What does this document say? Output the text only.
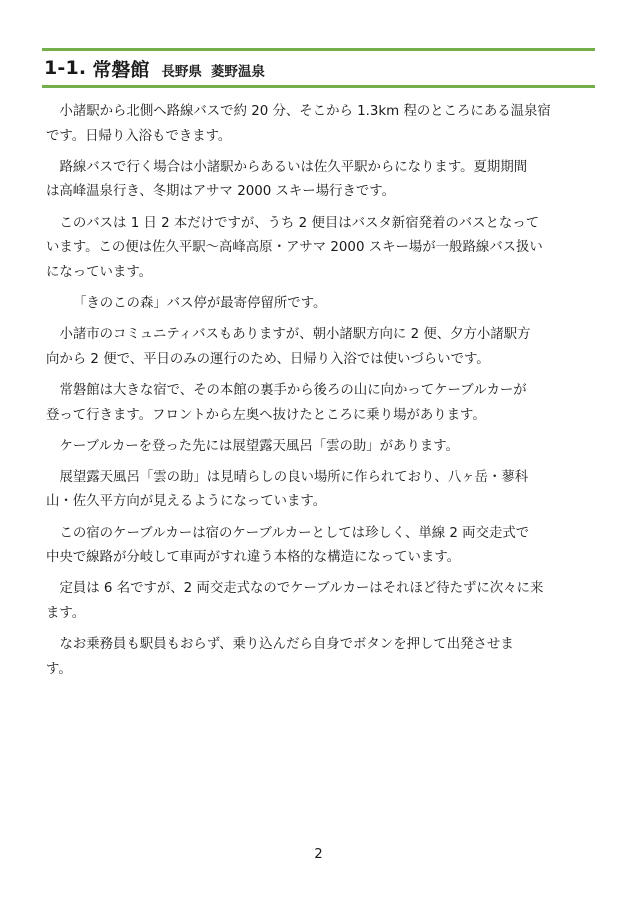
1-1. 常磐館 長野県 菱野温泉

小諸駅から北側へ路線バスで約 20 分、そこから 1.3km 程のところにある温泉宿
です。日帰り入浴もできます。

路線バスで行く場合は小諸駅からあるいは佐久平駅からになります。夏期期間
は高峰温泉行き、冬期はアサマ 2000 スキー場行きです。

このバスは 1 日 2 本だけですが、うち 2 便目はバスタ新宿発着のバスとなって
います。この便は佐久平駅〜高峰高原・アサマ 2000 スキー場が一般路線バス扱い
になっています。

「きのこの森」バス停が最寄停留所です。

小諸市のコミュニティバスもありますが、朝小諸駅方向に 2 便、夕方小諸駅方
向から 2 便で、平日のみの運行のため、日帰り入浴では使いづらいです。

常磐館は大きな宿で、その本館の裏手から後ろの山に向かってケーブルカーが
登って行きます。フロントから左奥へ抜けたところに乗り場があります。

ケーブルカーを登った先には展望露天風呂「雲の助」があります。

展望露天風呂「雲の助」は見晴らしの良い場所に作られており、八ヶ岳・蓼科
山・佐久平方向が見えるようになっています。

この宿のケーブルカーは宿のケーブルカーとしては珍しく、単線 2 両交走式で
中央で線路が分岐して車両がすれ違う本格的な構造になっています。

定員は 6 名ですが、2 両交走式なのでケーブルカーはそれほど待たずに次々に来
ます。

なお乗務員も駅員もおらず、乗り込んだら自身でボタンを押して出発させま
す。

2
